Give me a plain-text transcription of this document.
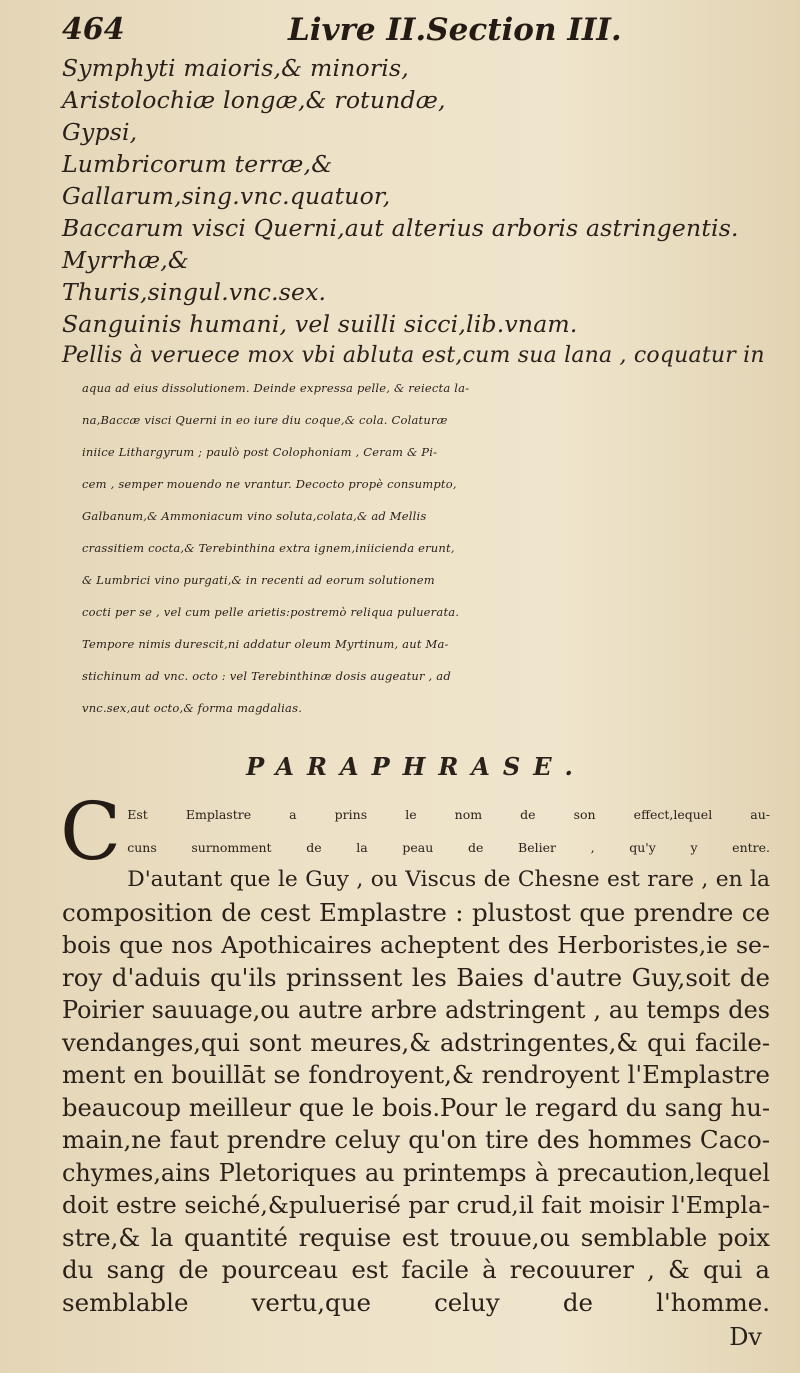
464	Livre II.Section III.
Symphyti maioris,& minoris,
Aristolochiæ longæ,& rotundæ,
Gypsi,
Lumbricorum terræ,&
Gallarum,sing.vnc.quatuor,
Baccarum visci Querni,aut alterius arboris astringentis.
Myrrhæ,&
Thuris,singul.vnc.sex.
Sanguinis humani, vel suilli sicci,lib.vnam.
Pellis à veruece mox vbi abluta est,cum sua lana , coquatur in
aqua ad eius dissolutionem. Deinde expressa pelle, & reiecta la-
na,Baccæ visci Querni in eo iure diu coque,& cola. Colaturæ
iniice Lithargyrum ; paulò post Colophoniam , Ceram & Pi-
cem , semper mouendo ne vrantur. Decocto propè consumpto,
Galbanum,& Ammoniacum vino soluta,colata,& ad Mellis
crassitiem cocta,& Terebinthina extra ignem,iniicienda erunt,
& Lumbrici vino purgati,& in recenti ad eorum solutionem
cocti per se , vel cum pelle arietis:postremò reliqua puluerata.
Tempore nimis durescit,ni addatur oleum Myrtinum, aut Ma-
stichinum ad vnc. octo : vel Terebinthinæ dosis augeatur , ad
vnc.sex,aut octo,& forma magdalias.
PARAPHRASE.
C Est Emplastre a prins le nom de son effect,lequel au-
cuns surnomment de la peau de Belier , qu'y y entre.
D'autant que le Guy , ou Viscus de Chesne est rare , en la
composition de cest Emplastre : plustost que prendre ce
bois que nos Apothicaires acheptent des Herboristes,ie se-
roy d'aduis qu'ils prinssent les Baies d'autre Guy,soit de
Poirier sauuage,ou autre arbre adstringent , au temps des
vendanges,qui sont meures,& adstringentes,& qui facile-
ment en bouillāt se fondroyent,& rendroyent l'Emplastre
beaucoup meilleur que le bois.Pour le regard du sang hu-
main,ne faut prendre celuy qu'on tire des hommes Caco-
chymes,ains Pletoriques au printemps à precaution,lequel
doit estre seiché,&puluerisé par crud,il fait moisir l'Empla-
stre,& la quantité requise est trouue,ou semblable poix
du sang de pourceau est facile à recouurer , & qui a
semblable vertu,que celuy de l'homme.
Dv
